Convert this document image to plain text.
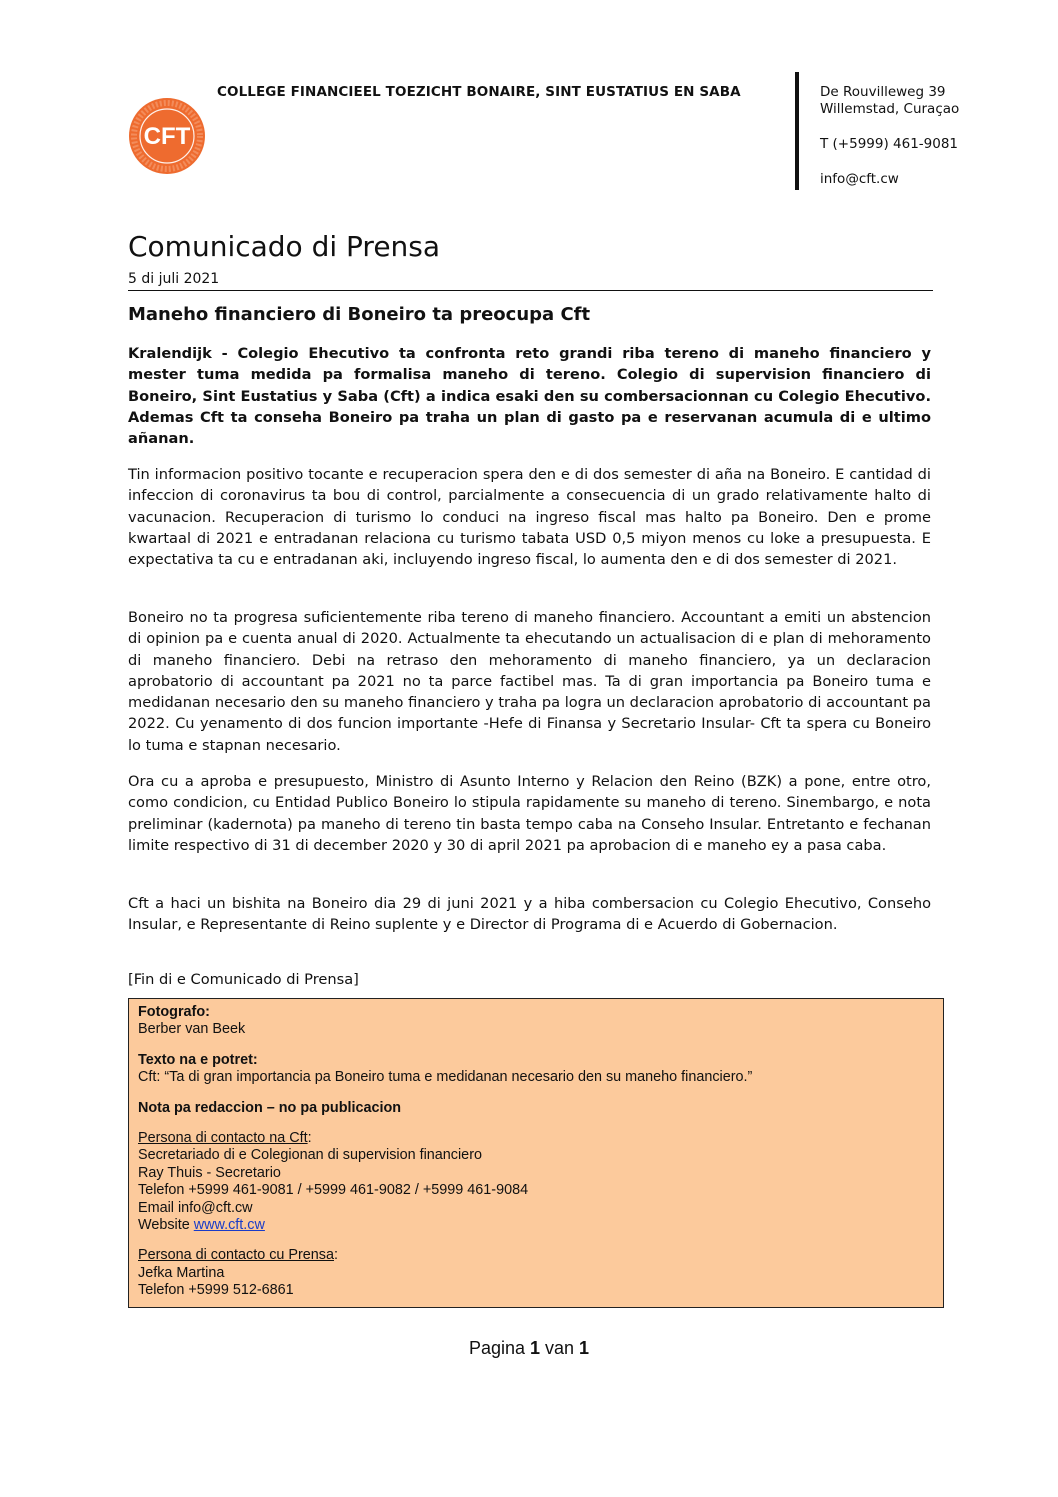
CFT
COLLEGE FINANCIEEL TOEZICHT BONAIRE, SINT EUSTATIUS EN SABA	De Rouvilleweg 39
Willemstad, Curaçao
T (+5999) 461-9081
info@cft.cw
Comunicado di Prensa
5 di juli 2021
Maneho financiero di Boneiro ta preocupa Cft
Kralendijk - Colegio Ehecutivo ta confronta reto grandi riba tereno di maneho financiero y mester tuma medida pa formalisa maneho di tereno. Colegio di supervision financiero di Boneiro, Sint Eustatius y Saba (Cft) a indica esaki den su combersacionnan cu Colegio Ehecutivo. Ademas Cft ta conseha Boneiro pa traha un plan di gasto pa e reservanan acumula di e ultimo añanan.
Tin informacion positivo tocante e recuperacion spera den e di dos semester di aña na Boneiro. E cantidad di infeccion di coronavirus ta bou di control, parcialmente a consecuencia di un grado relativamente halto di vacunacion. Recuperacion di turismo lo conduci na ingreso fiscal mas halto pa Boneiro. Den e prome kwartaal di 2021 e entradanan relaciona cu turismo tabata USD 0,5 miyon menos cu loke a presupuesta. E expectativa ta cu e entradanan aki, incluyendo ingreso fiscal, lo aumenta den e di dos semester di 2021.
Boneiro no ta progresa suficientemente riba tereno di maneho financiero. Accountant a emiti un abstencion di opinion pa e cuenta anual di 2020. Actualmente ta ehecutando un actualisacion di e plan di mehoramento di maneho financiero. Debi na retraso den mehoramento di maneho financiero, ya un declaracion aprobatorio di accountant pa 2021 no ta parce factibel mas. Ta di gran importancia pa Boneiro tuma e medidanan necesario den su maneho financiero y traha pa logra un declaracion aprobatorio di accountant pa 2022. Cu yenamento di dos funcion importante -Hefe di Finansa y Secretario Insular- Cft ta spera cu Boneiro lo tuma e stapnan necesario.
Ora cu a aproba e presupuesto, Ministro di Asunto Interno y Relacion den Reino (BZK) a pone, entre otro, como condicion, cu Entidad Publico Boneiro lo stipula rapidamente su maneho di tereno. Sinembargo, e nota preliminar (kadernota) pa maneho di tereno tin basta tempo caba na Conseho Insular. Entretanto e fechanan limite respectivo di 31 di december 2020 y 30 di april 2021 pa aprobacion di e maneho ey a pasa caba.
Cft a haci un bishita na Boneiro dia 29 di juni 2021 y a hiba combersacion cu Colegio Ehecutivo, Conseho Insular, e Representante di Reino suplente y e Director di Programa di e Acuerdo di Gobernacion.
[Fin di e Comunicado di Prensa]
Fotografo:
Berber van Beek
Texto na e potret:
Cft: “Ta di gran importancia pa Boneiro tuma e medidanan necesario den su maneho financiero.”
Nota pa redaccion – no pa publicacion
Persona di contacto na Cft:
Secretariado di e Colegionan di supervision financiero
Ray Thuis - Secretario
Telefon +5999 461-9081 / +5999 461-9082 / +5999 461-9084
Email info@cft.cw
Website www.cft.cw
Persona di contacto cu Prensa:
Jefka Martina
Telefon +5999 512-6861
Pagina 1 van 1
